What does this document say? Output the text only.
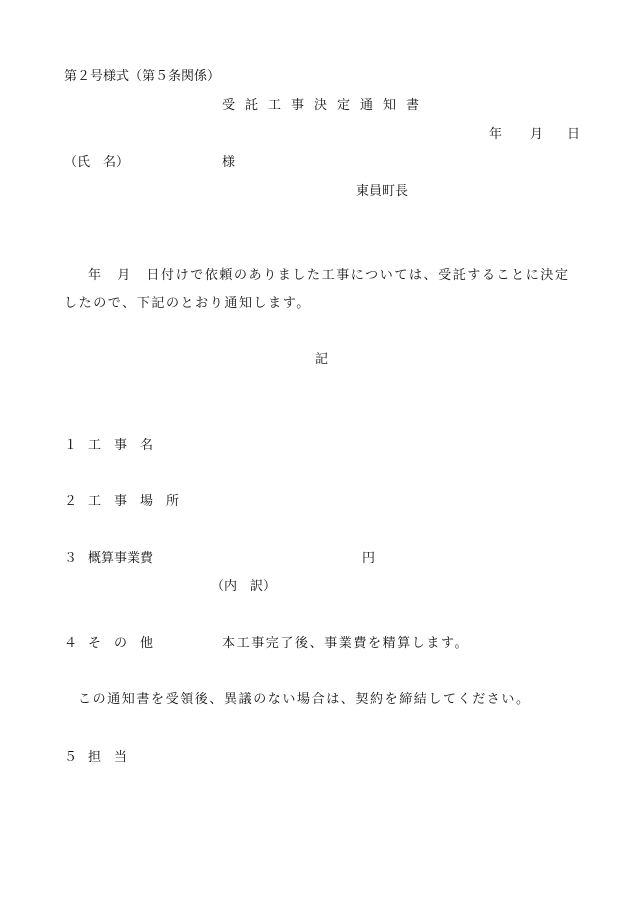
第２号様式（第５条関係）
受託工事決定通知書
年 月 日
（氏　名）	様
東員町長
年　月　日付けで依頼のありました工事については、受託することに決定
したので、下記のとおり通知します。
記
１ 工　事　名
２ 工　事　場　所
３ 概算事業費	円
（内　訳）
４ そ　の　他	本工事完了後、事業費を精算します。
この通知書を受領後、異議のない場合は、契約を締結してください。
５ 担　当
